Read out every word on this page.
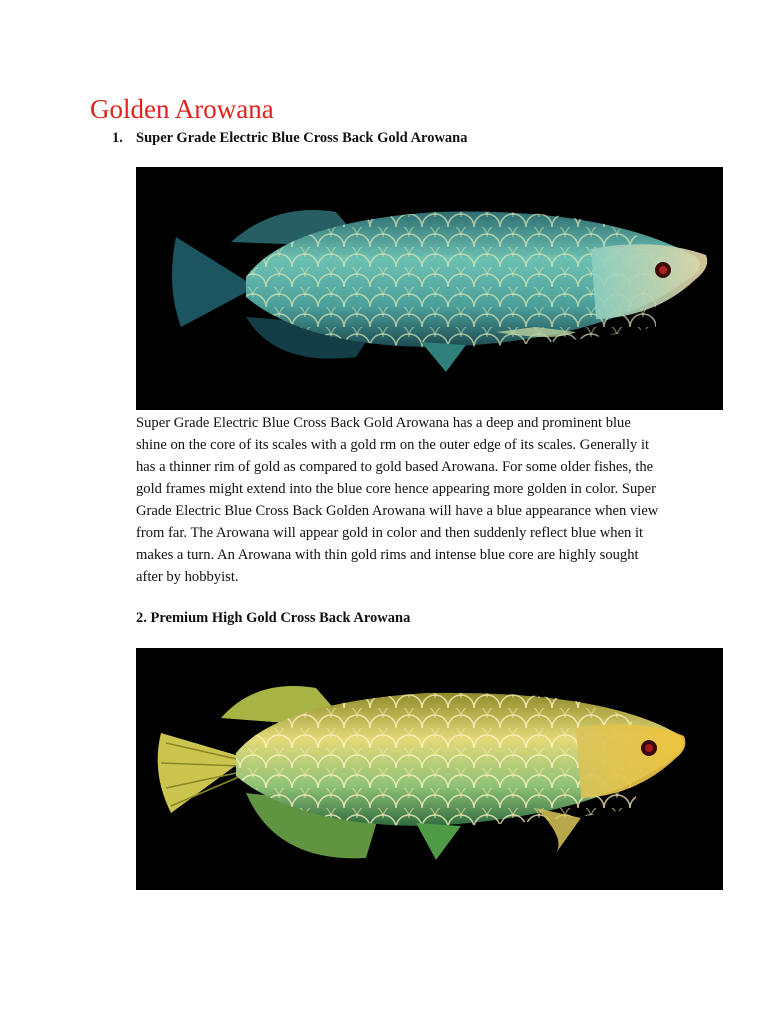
Golden Arowana
1. Super Grade Electric Blue Cross Back Gold Arowana

Super Grade Electric Blue Cross Back Gold Arowana has a deep and prominent blue
shine on the core of its scales with a gold rm on the outer edge of its scales. Generally it
has a thinner rim of gold as compared to gold based Arowana. For some older fishes, the
gold frames might extend into the blue core hence appearing more golden in color. Super
Grade Electric Blue Cross Back Golden Arowana will have a blue appearance when view
from far. The Arowana will appear gold in color and then suddenly reflect blue when it
makes a turn. An Arowana with thin gold rims and intense blue core are highly sought
after by hobbyist.

2. Premium High Gold Cross Back Arowana
